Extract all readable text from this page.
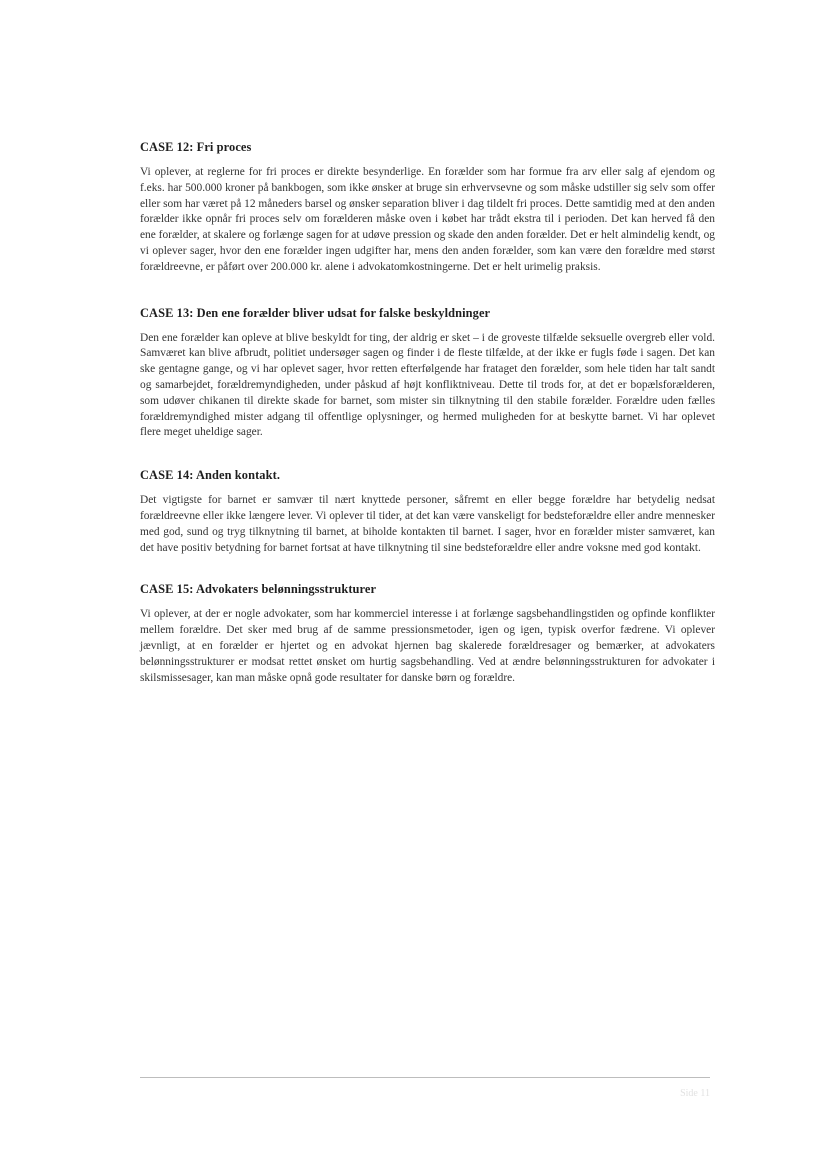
CASE 12: Fri proces

Vi oplever, at reglerne for fri proces er direkte besynderlige. En forælder som har formue fra arv eller salg af ejendom og f.eks. har 500.000 kroner på bankbogen, som ikke ønsker at bruge sin erhvervsevne og som måske udstiller sig selv som offer eller som har været på 12 måneders barsel og ønsker separation bliver i dag tildelt fri proces. Dette samtidig med at den anden forælder ikke opnår fri proces selv om forælderen måske oven i købet har trådt ekstra til i perioden. Det kan herved få den ene forælder, at skalere og forlænge sagen for at udøve pression og skade den anden forælder. Det er helt almindelig kendt, og vi oplever sager, hvor den ene forælder ingen udgifter har, mens den anden forælder, som kan være den forældre med størst forældreevne, er påført over 200.000 kr. alene i advokatomkostningerne. Det er helt urimelig praksis.

CASE 13: Den ene forælder bliver udsat for falske beskyldninger

Den ene forælder kan opleve at blive beskyldt for ting, der aldrig er sket – i de groveste tilfælde seksuelle overgreb eller vold. Samværet kan blive afbrudt, politiet undersøger sagen og finder i de fleste tilfælde, at der ikke er fugls føde i sagen. Det kan ske gentagne gange, og vi har oplevet sager, hvor retten efterfølgende har frataget den forælder, som hele tiden har talt sandt og samarbejdet, forældremyndigheden, under påskud af højt konfliktniveau. Dette til trods for, at det er bopælsforælderen, som udøver chikanen til direkte skade for barnet, som mister sin tilknytning til den stabile forælder. Forældre uden fælles forældremyndighed mister adgang til offentlige oplysninger, og hermed muligheden for at beskytte barnet. Vi har oplevet flere meget uheldige sager.

CASE 14: Anden kontakt.

Det vigtigste for barnet er samvær til nært knyttede personer, såfremt en eller begge forældre har betydelig nedsat forældreevne eller ikke længere lever. Vi oplever til tider, at det kan være vanskeligt for bedsteforældre eller andre mennesker med god, sund og tryg tilknytning til barnet, at biholde kontakten til barnet. I sager, hvor en forælder mister samværet, kan det have positiv betydning for barnet fortsat at have tilknytning til sine bedsteforældre eller andre voksne med god kontakt.

CASE 15: Advokaters belønningsstrukturer

Vi oplever, at der er nogle advokater, som har kommerciel interesse i at forlænge sagsbehandlingstiden og opfinde konflikter mellem forældre. Det sker med brug af de samme pressionsmetoder, igen og igen, typisk overfor fædrene. Vi oplever jævnligt, at en forælder er hjertet og en advokat hjernen bag skalerede forældresager og bemærker, at advokaters belønningsstrukturer er modsat rettet ønsket om hurtig sagsbehandling. Ved at ændre belønningsstrukturen for advokater i skilsmissesager, kan man måske opnå gode resultater for danske børn og forældre.

Side 11
